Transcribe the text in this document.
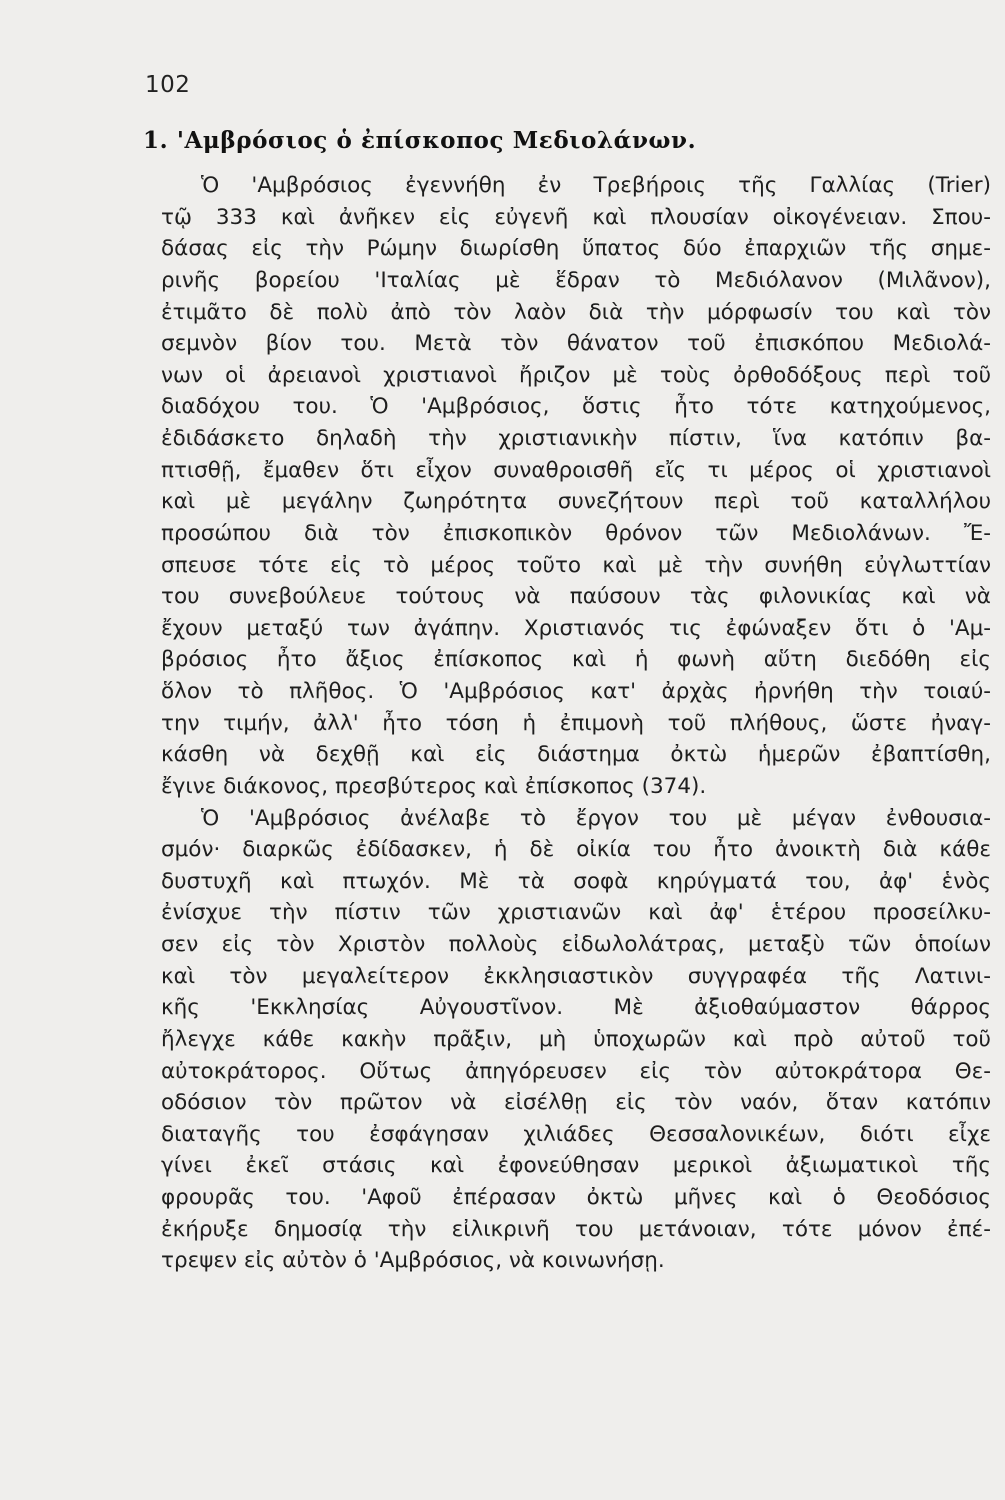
102
1. 'Αμβρόσιος ὁ ἐπίσκοπος Μεδιολάνων.
Ὁ 'Αμβρόσιος ἐγεννήθη ἐν Τρεβήροις τῆς Γαλλίας (Trier)
τῷ 333 καὶ ἀνῆκεν εἰς εὐγενῆ καὶ πλουσίαν οἰκογένειαν. Σπου-
δάσας εἰς τὴν Ρώμην διωρίσθη ὕπατος δύο ἐπαρχιῶν τῆς σημε-
ρινῆς βορείου 'Ιταλίας μὲ ἕδραν τὸ Μεδιόλανον (Μιλᾶνον),
ἐτιμᾶτο δὲ πολὺ ἀπὸ τὸν λαὸν διὰ τὴν μόρφωσίν του καὶ τὸν
σεμνὸν βίον του. Μετὰ τὸν θάνατον τοῦ ἐπισκόπου Μεδιολά-
νων οἱ ἀρειανοὶ χριστιανοὶ ἤριζον μὲ τοὺς ὀρθοδόξους περὶ τοῦ
διαδόχου του. Ὁ 'Αμβρόσιος, ὅστις ἦτο τότε κατηχούμενος,
ἐδιδάσκετο δηλαδὴ τὴν χριστιανικὴν πίστιν, ἵνα κατόπιν βα-
πτισθῇ, ἔμαθεν ὅτι εἶχον συναθροισθῆ εἴς τι μέρος οἱ χριστιανοὶ
καὶ μὲ μεγάλην ζωηρότητα συνεζήτουν περὶ τοῦ καταλλήλου
προσώπου διὰ τὸν ἐπισκοπικὸν θρόνον τῶν Μεδιολάνων. Ἔ-
σπευσε τότε εἰς τὸ μέρος τοῦτο καὶ μὲ τὴν συνήθη εὐγλωττίαν
του συνεβούλευε τούτους νὰ παύσουν τὰς φιλονικίας καὶ νὰ
ἔχουν μεταξύ των ἀγάπην. Χριστιανός τις ἐφώναξεν ὅτι ὁ 'Αμ-
βρόσιος ἦτο ἄξιος ἐπίσκοπος καὶ ἡ φωνὴ αὕτη διεδόθη εἰς
ὅλον τὸ πλῆθος. Ὁ 'Αμβρόσιος κατ' ἀρχὰς ἠρνήθη τὴν τοιαύ-
την τιμήν, ἀλλ' ἦτο τόση ἡ ἐπιμονὴ τοῦ πλήθους, ὥστε ἠναγ-
κάσθη νὰ δεχθῇ καὶ εἰς διάστημα ὀκτὼ ἡμερῶν ἐβαπτίσθη,
ἔγινε διάκονος, πρεσβύτερος καὶ ἐπίσκοπος (374).
Ὁ 'Αμβρόσιος ἀνέλαβε τὸ ἔργον του μὲ μέγαν ἐνθουσια-
σμόν· διαρκῶς ἐδίδασκεν, ἡ δὲ οἰκία του ἦτο ἀνοικτὴ διὰ κάθε
δυστυχῆ καὶ πτωχόν. Μὲ τὰ σοφὰ κηρύγματά του, ἀφ' ἑνὸς
ἐνίσχυε τὴν πίστιν τῶν χριστιανῶν καὶ ἀφ' ἑτέρου προσείλκυ-
σεν εἰς τὸν Χριστὸν πολλοὺς εἰδωλολάτρας, μεταξὺ τῶν ὁποίων
καὶ τὸν μεγαλείτερον ἐκκλησιαστικὸν συγγραφέα τῆς Λατινι-
κῆς 'Εκκλησίας Αὐγουστῖνον. Μὲ ἀξιοθαύμαστον θάρρος
ἤλεγχε κάθε κακὴν πρᾶξιν, μὴ ὑποχωρῶν καὶ πρὸ αὐτοῦ τοῦ
αὐτοκράτορος. Οὕτως ἀπηγόρευσεν εἰς τὸν αὐτοκράτορα Θε-
οδόσιον τὸν πρῶτον νὰ εἰσέλθῃ εἰς τὸν ναόν, ὅταν κατόπιν
διαταγῆς του ἐσφάγησαν χιλιάδες Θεσσαλονικέων, διότι εἶχε
γίνει ἐκεῖ στάσις καὶ ἐφονεύθησαν μερικοὶ ἀξιωματικοὶ τῆς
φρουρᾶς του. 'Αφοῦ ἐπέρασαν ὀκτὼ μῆνες καὶ ὁ Θεοδόσιος
ἐκήρυξε δημοσίᾳ τὴν εἰλικρινῆ του μετάνοιαν, τότε μόνον ἐπέ-
τρεψεν εἰς αὐτὸν ὁ 'Αμβρόσιος, νὰ κοινωνήσῃ.
